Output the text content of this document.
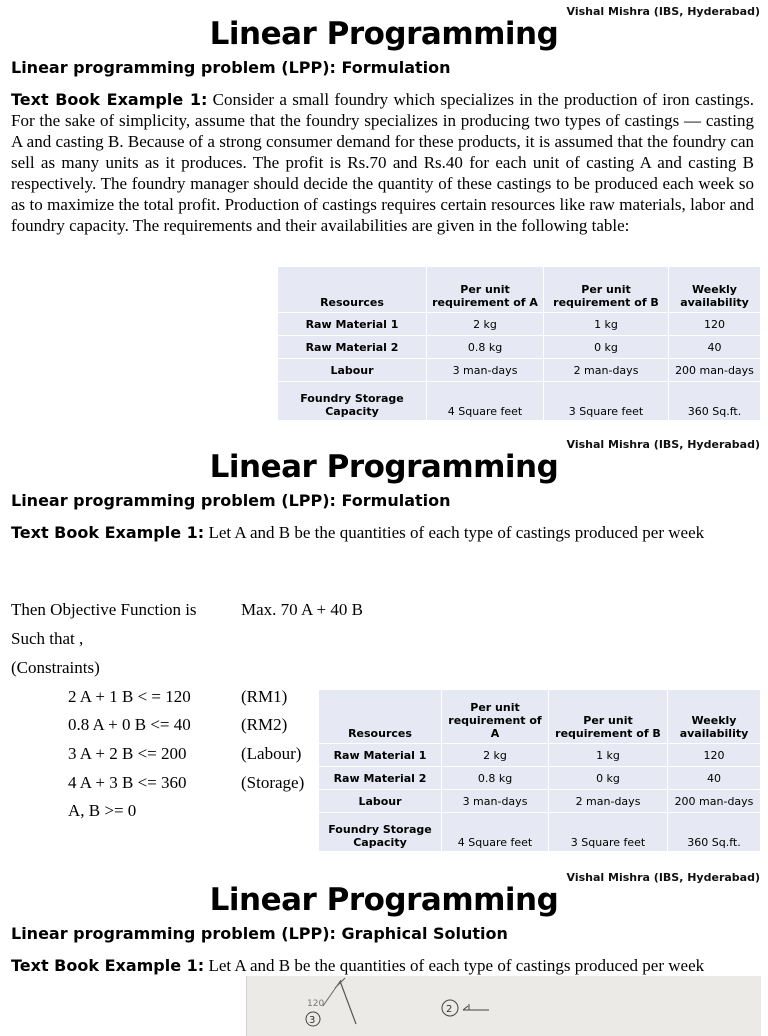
Vishal Mishra (IBS, Hyderabad)
Linear Programming
Linear programming problem (LPP): Formulation
Text Book Example 1: Consider a small foundry which specializes in the production of iron castings. For the sake of simplicity, assume that the foundry specializes in producing two types of castings — casting A and casting B. Because of a strong consumer demand for these products, it is assumed that the foundry can sell as many units as it produces. The profit is Rs.70 and Rs.40 for each unit of casting A and casting B respectively. The foundry manager should decide the quantity of these castings to be produced each week so as to maximize the total profit. Production of castings requires certain resources like raw materials, labor and foundry capacity. The requirements and their availabilities are given in the following table:
Resources	Per unit requirement of A	Per unit requirement of B	Weekly availability
Raw Material 1	2 kg	1 kg	120
Raw Material 2	0.8 kg	0 kg	40
Labour	3 man-days	2 man-days	200 man-days
Foundry Storage Capacity	4 Square feet	3 Square feet	360 Sq.ft.
Vishal Mishra (IBS, Hyderabad)
Linear Programming
Linear programming problem (LPP): Formulation
Text Book Example 1: Let A and B be the quantities of each type of castings produced per week
Then Objective Function is	Max. 70 A + 40 B
Such that ,
(Constraints)
2 A + 1 B < = 120	(RM1)
0.8 A + 0 B <= 40	(RM2)
3 A + 2 B <= 200	(Labour)
4 A + 3 B <= 360	(Storage)
A, B >= 0
Resources	Per unit requirement of A	Per unit requirement of B	Weekly availability
Raw Material 1	2 kg	1 kg	120
Raw Material 2	0.8 kg	0 kg	40
Labour	3 man-days	2 man-days	200 man-days
Foundry Storage Capacity	4 Square feet	3 Square feet	360 Sq.ft.
Vishal Mishra (IBS, Hyderabad)
Linear Programming
Linear programming problem (LPP): Graphical Solution
Text Book Example 1: Let A and B be the quantities of each type of castings produced per week
120
3
2
